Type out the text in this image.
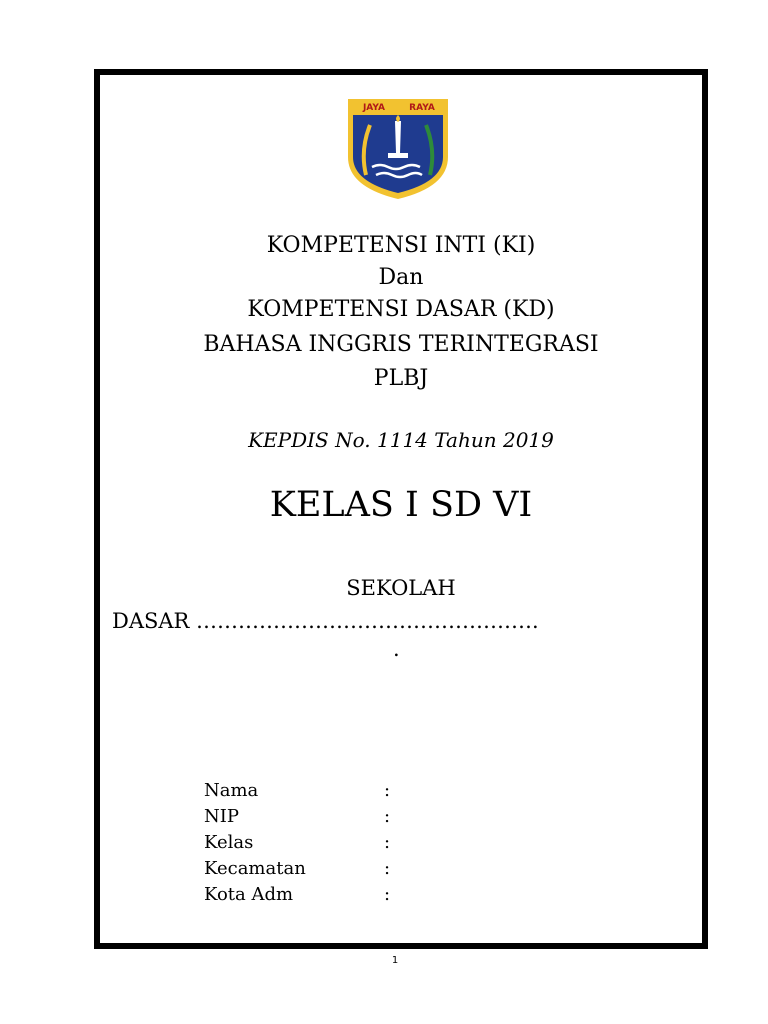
JAYA	RAYA
KOMPETENSI INTI (KI)
Dan
KOMPETENSI DASAR (KD)
BAHASA INGGRIS TERINTEGRASI
PLBJ
KEPDIS No. 1114 Tahun 2019
KELAS I SD VI
SEKOLAH
DASAR ………………………………………….
.
Nama	:
NIP	:
Kelas	:
Kecamatan	:
Kota Adm	:
1
